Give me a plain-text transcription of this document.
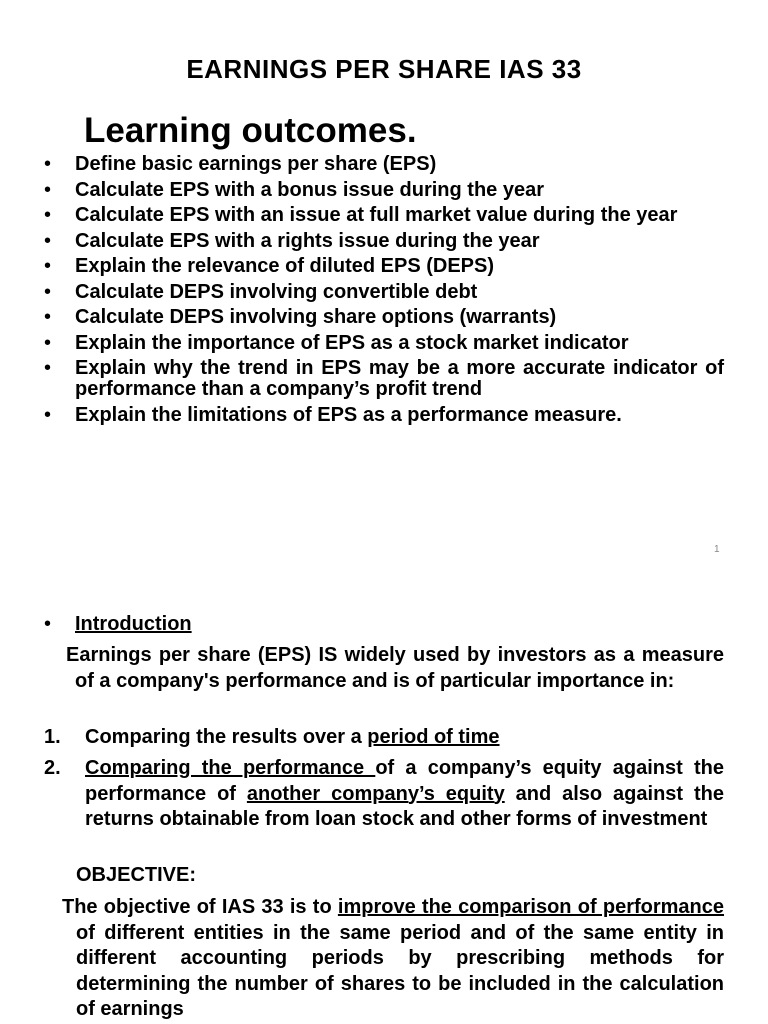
EARNINGS PER SHARE IAS 33
Learning outcomes.
• Define basic earnings per share (EPS)
• Calculate EPS with a bonus issue during the year
• Calculate EPS with an issue at full market value during the year
• Calculate EPS with a rights issue during the year
• Explain the relevance of diluted EPS (DEPS)
• Calculate DEPS involving convertible debt
• Calculate DEPS involving share options (warrants)
• Explain the importance of EPS as a stock market indicator
• Explain why the trend in EPS may be a more accurate indicator of performance than a company’s profit trend
• Explain the limitations of EPS as a performance measure.
1
• Introduction
Earnings per share (EPS) IS widely used by investors as a measure of a company's performance and is of particular importance in:
1. Comparing the results over a period of time
2. Comparing the performance of a company’s equity against the performance of another company’s equity and also against the returns obtainable from loan stock and other forms of investment
OBJECTIVE:
The objective of IAS 33 is to improve the comparison of performance of different entities in the same period and of the same entity in different accounting periods by prescribing methods for determining the number of shares to be included in the calculation of earnings
